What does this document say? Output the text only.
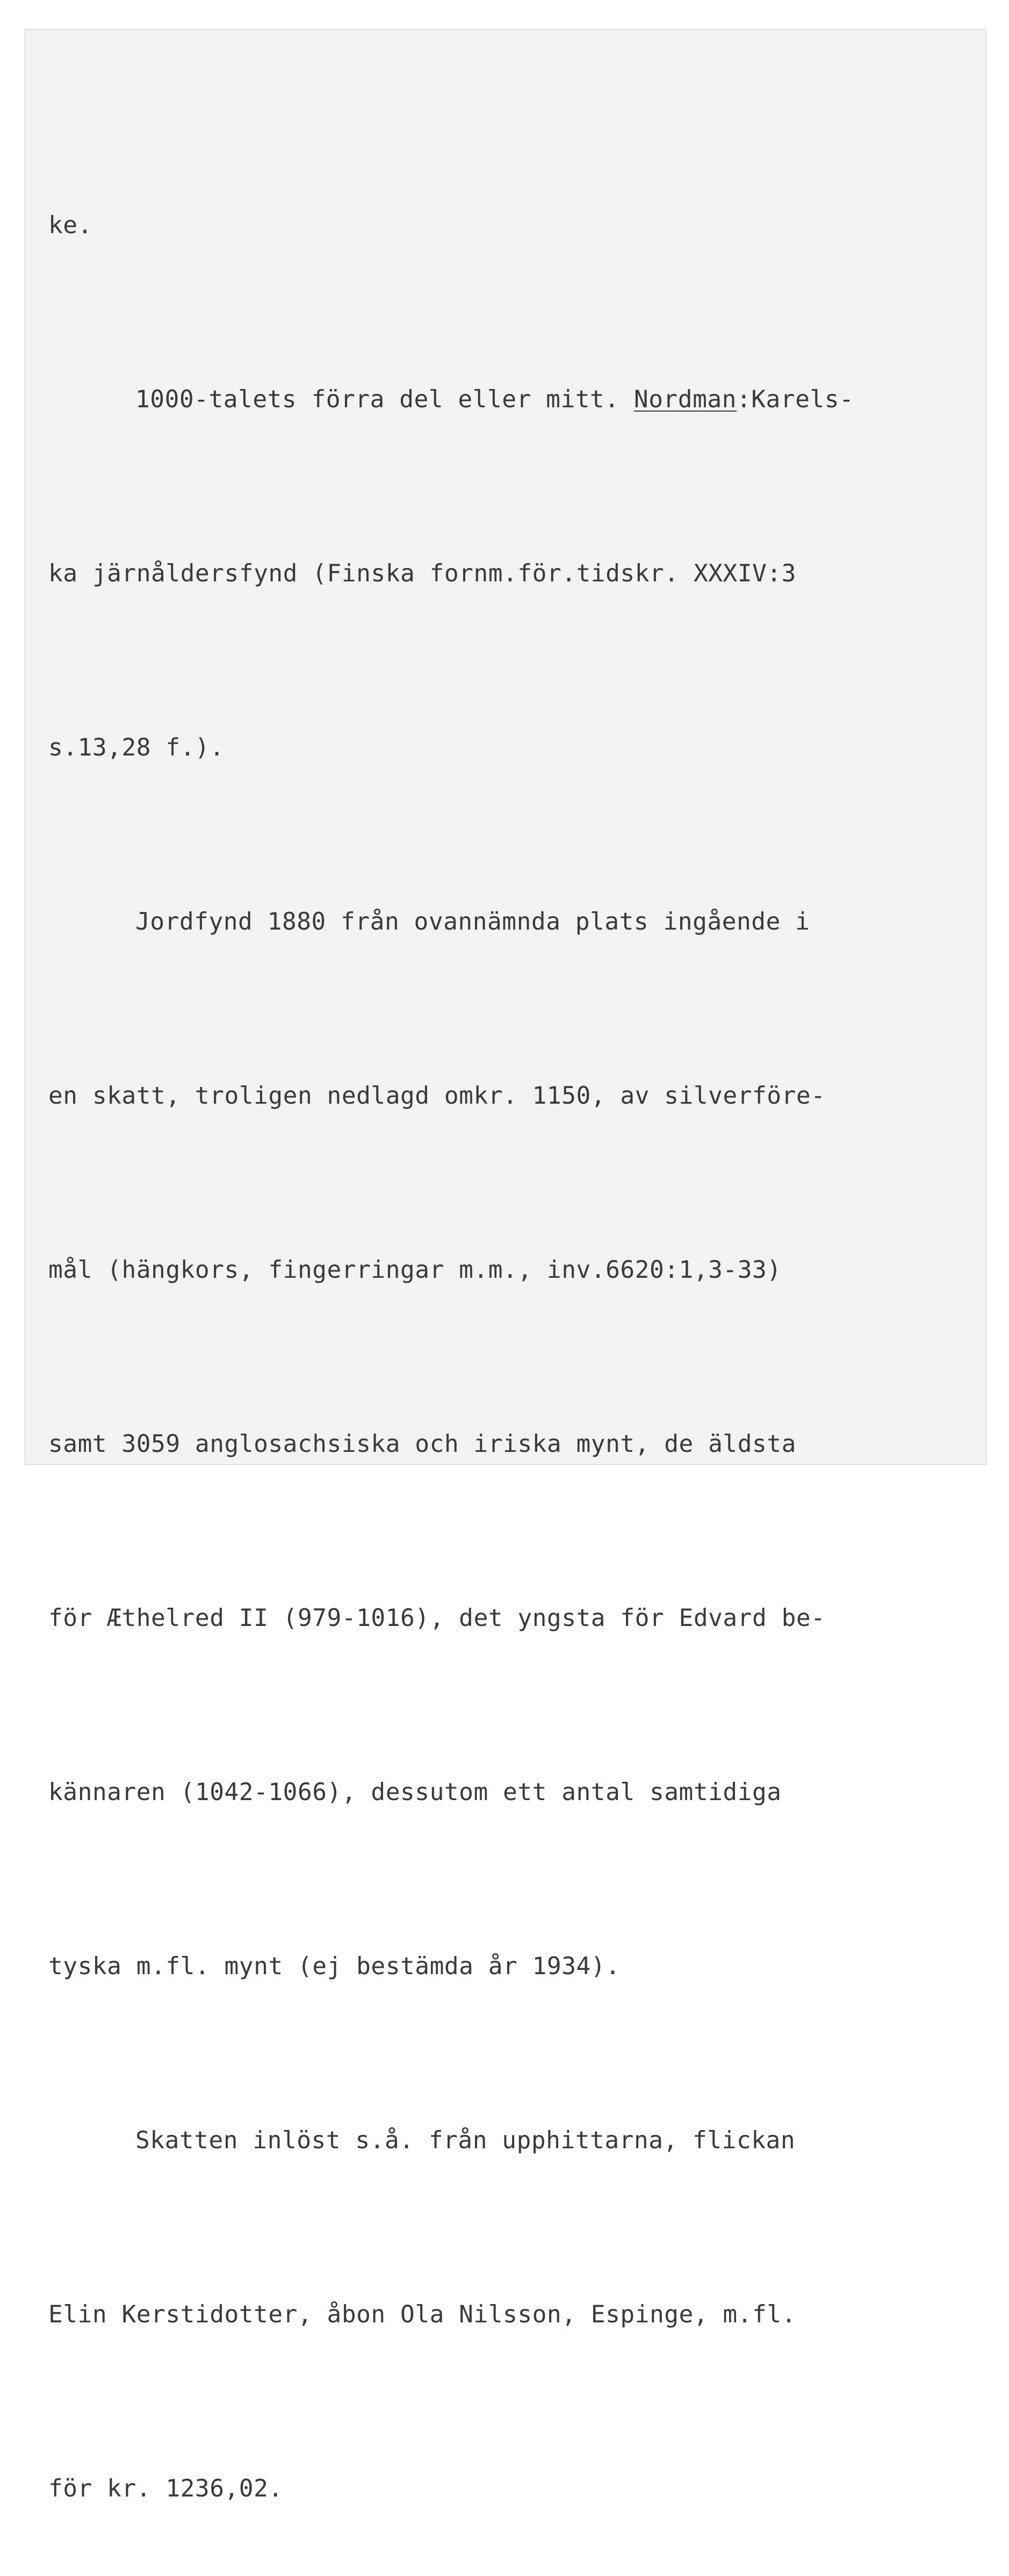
ke.

1000-talets förra del eller mitt. Nordman:Karels-

ka järnåldersfynd (Finska fornm.för.tidskr. XXXIV:3

s.13,28 f.).

Jordfynd 1880 från ovannämnda plats ingående i

en skatt, troligen nedlagd omkr. 1150, av silverföre-

mål (hängkors, fingerringar m.m., inv.6620:1,3-33)

samt 3059 anglosachsiska och iriska mynt, de äldsta

för Æthelred II (979-1016), det yngsta för Edvard be-

kännaren (1042-1066), dessutom ett antal samtidiga

tyska m.fl. mynt (ej bestämda år 1934).

Skatten inlöst s.å. från upphittarna, flickan

Elin Kerstidotter, åbon Ola Nilsson, Espinge, m.fl.

för kr. 1236,02.
